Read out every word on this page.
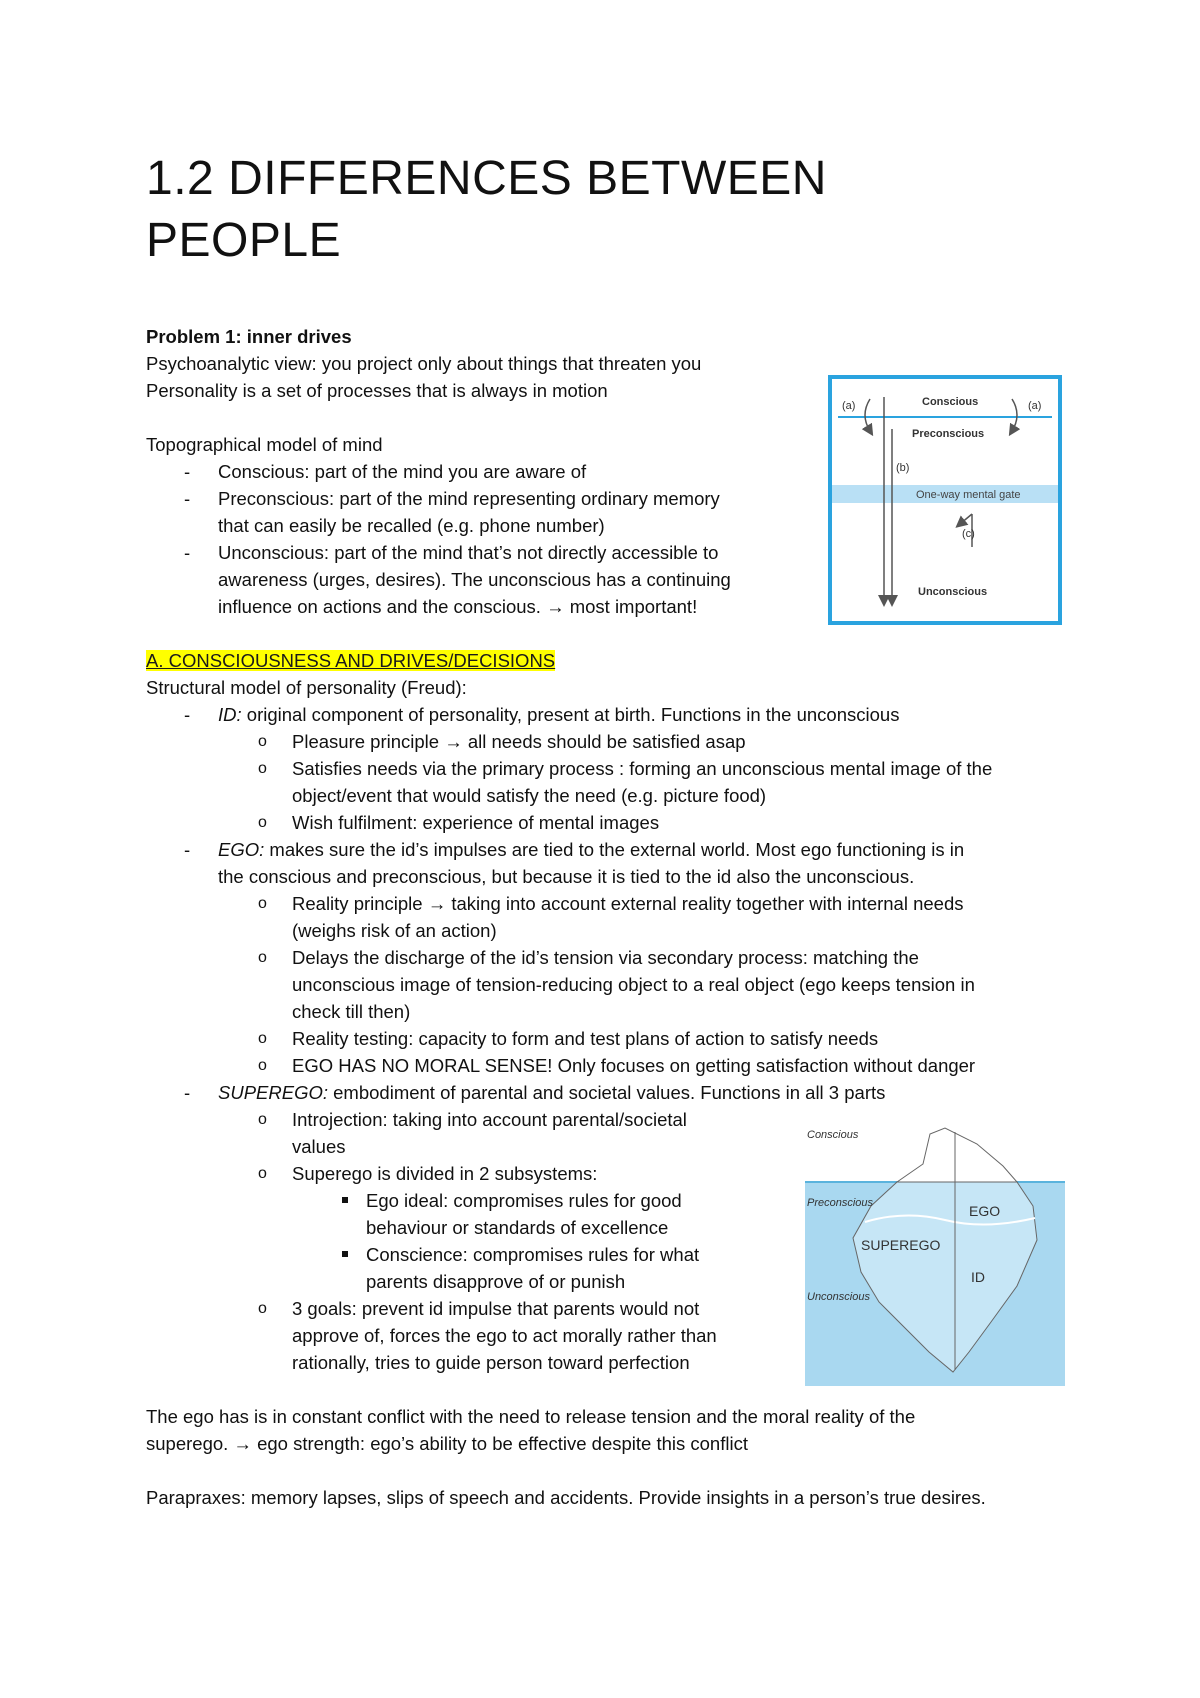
1.2 DIFFERENCES BETWEEN
PEOPLE
Problem 1: inner drives
Psychoanalytic view: you project only about things that threaten you
Personality is a set of processes that is always in motion
Topographical model of mind
- Conscious: part of the mind you are aware of
- Preconscious: part of the mind representing ordinary memory
that can easily be recalled (e.g. phone number)
- Unconscious: part of the mind that’s not directly accessible to
awareness (urges, desires). The unconscious has a continuing
influence on actions and the conscious. → most important!
(a)	(a)
Conscious
Preconscious
(b)
One-way mental gate
(c)
Unconscious
A. CONSCIOUSNESS AND DRIVES/DECISIONS
Structural model of personality (Freud):
- ID: original component of personality, present at birth. Functions in the unconscious
o Pleasure principle → all needs should be satisfied asap
o Satisfies needs via the primary process : forming an unconscious mental image of the
object/event that would satisfy the need (e.g. picture food)
o Wish fulfilment: experience of mental images
- EGO: makes sure the id’s impulses are tied to the external world. Most ego functioning is in
the conscious and preconscious, but because it is tied to the id also the unconscious.
o Reality principle → taking into account external reality together with internal needs
(weighs risk of an action)
o Delays the discharge of the id’s tension via secondary process: matching the
unconscious image of tension-reducing object to a real object (ego keeps tension in
check till then)
o Reality testing: capacity to form and test plans of action to satisfy needs
o EGO HAS NO MORAL SENSE! Only focuses on getting satisfaction without danger
- SUPEREGO: embodiment of parental and societal values. Functions in all 3 parts
o Introjection: taking into account parental/societal
values
o Superego is divided in 2 subsystems:
Ego ideal: compromises rules for good
behaviour or standards of excellence
Conscience: compromises rules for what
parents disapprove of or punish
o 3 goals: prevent id impulse that parents would not
approve of, forces the ego to act morally rather than
rationally, tries to guide person toward perfection
Conscious
Preconscious	EGO
SUPEREGO
ID
Unconscious
The ego has is in constant conflict with the need to release tension and the moral reality of the
superego. → ego strength: ego’s ability to be effective despite this conflict
Parapraxes: memory lapses, slips of speech and accidents. Provide insights in a person’s true desires.
